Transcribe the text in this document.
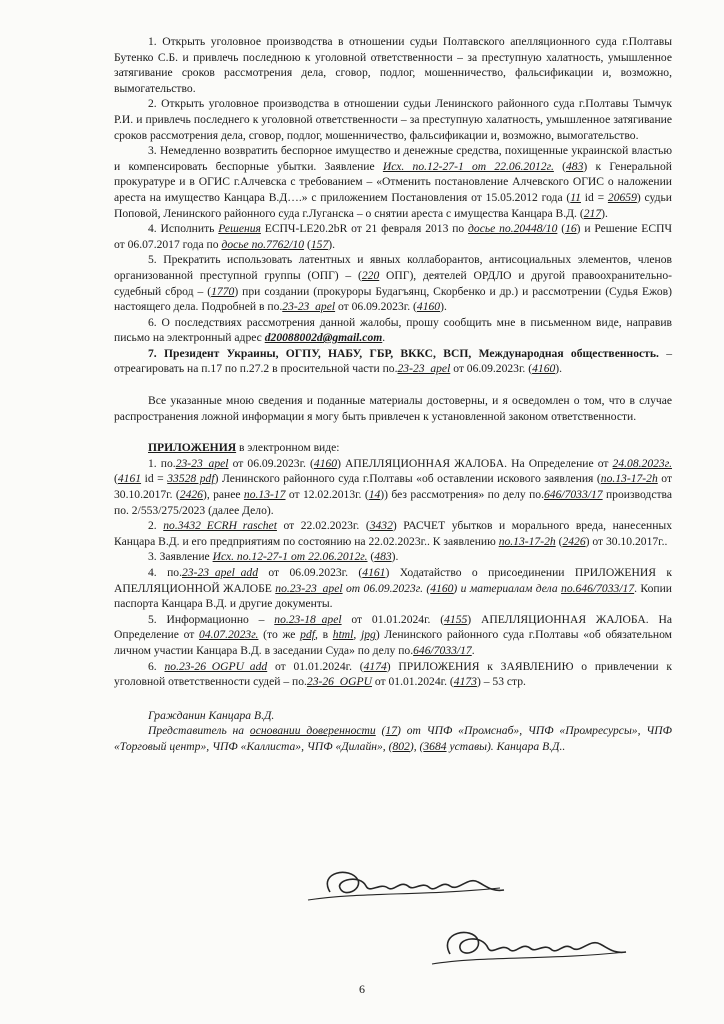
1. Открыть уголовное производства в отношении судьи Полтавского апелляционного суда г.Полтавы Бутенко С.Б. и привлечь последнюю к уголовной ответственности – за преступную халатность, умышленное затягивание сроков рассмотрения дела, сговор, подлог, мошенничество, фальсификации и, возможно, вымогательство.

2. Открыть уголовное производства в отношении судьи Ленинского районного суда г.Полтавы Тымчук Р.И. и привлечь последнего к уголовной ответственности – за преступную халатность, умышленное затягивание сроков рассмотрения дела, сговор, подлог, мошенничество, фальсификации и, возможно, вымогательство.

3. Немедленно возвратить беспорное имущество и денежные средства, похищенные украинской властью и компенсировать беспорные убытки. Заявление Исх. no.12-27-1 от 22.06.2012г. (483) к Генеральной прокуратуре и в ОГИС г.Алчевска с требованием – «Отменить постановление Алчевского ОГИС о наложении ареста на имущество Канцара В.Д….» с приложением Постановления от 15.05.2012 года (11 id = 20659) судьи Поповой, Ленинского районного суда г.Луганска – о снятии ареста с имущества Канцара В.Д. (217).

4. Исполнить Решения ЕСПЧ-LE20.2bR от 21 февраля 2013 по досье no.20448/10 (16) и Решение ЕСПЧ от 06.07.2017 года по досье no.7762/10 (157).

5. Прекратить использовать латентных и явных коллаборантов, антисоциальных элементов, членов организованной преступной группы (ОПГ) – (220 ОПГ), деятелей ОРДЛО и другой правоохранительно-судебный сброд – (1770) при создании (прокуроры Будагъянц, Скорбенко и др.) и рассмотрении (Судья Ежов) настоящего дела. Подробней в по.23-23_apel от 06.09.2023г. (4160).

6. О последствиях рассмотрения данной жалобы, прошу сообщить мне в письменном виде, направив письмо на электронный адрес d20088002d@gmail.com.

7. Президент Украины, ОГПУ, НАБУ, ГБР, ВККС, ВСП, Международная общественность. – отреагировать на п.17 по п.27.2 в просительной части по.23-23_apel от 06.09.2023г. (4160).

Все указанные мною сведения и поданные материалы достоверны, и я осведомлен о том, что в случае распространения ложной информации я могу быть привлечен к установленной законом ответственности.

ПРИЛОЖЕНИЯ в электронном виде:

1. по.23-23_apel от 06.09.2023г. (4160) АПЕЛЛЯЦИОННАЯ ЖАЛОБА. На Определение от 24.08.2023г. (4161 id = 33528 pdf) Ленинского районного суда г.Полтавы «об оставлении искового заявления (по.13-17-2h от 30.10.2017г. (2426), ранее по.13-17 от 12.02.2013г. (14)) без рассмотрения» по делу по.646/7033/17 производства по. 2/553/275/2023 (далее Дело).

2. по.3432_ECRH_raschet от 22.02.2023г. (3432) РАСЧЕТ убытков и морального вреда, нанесенных Канцара В.Д. и его предприятиям по состоянию на 22.02.2023г.. К заявлению по.13-17-2h (2426) от 30.10.2017г..

3. Заявление Исх. по.12-27-1 от 22.06.2012г. (483).

4. по.23-23_apel_add от 06.09.2023г. (4161) Ходатайство о присоединении ПРИЛОЖЕНИЯ к АПЕЛЛЯЦИОННОЙ ЖАЛОБЕ по.23-23_apel от 06.09.2023г. (4160) и материалам дела по.646/7033/17. Копии паспорта Канцара В.Д. и другие документы.

5. Информационно – по.23-18_apel от 01.01.2024г. (4155) АПЕЛЛЯЦИОННАЯ ЖАЛОБА. На Определение от 04.07.2023г. (то же pdf, в html, jpg) Ленинского районного суда г.Полтавы «об обязательном личном участии Канцара В.Д. в заседании Суда» по делу по.646/7033/17.

6. по.23-26_OGPU_add от 01.01.2024г. (4174) ПРИЛОЖЕНИЯ к ЗАЯВЛЕНИЮ о привлечении к уголовной ответственности судей – по.23-26_OGPU от 01.01.2024г. (4173) – 53 стр.

Гражданин Канцара В.Д.

Представитель на основании доверенности (17) от ЧПФ «Промснаб», ЧПФ «Промресурсы», ЧПФ «Торговый центр», ЧПФ «Каллиста», ЧПФ «Дилайн», (802), (3684 уставы). Канцара В.Д..

6
